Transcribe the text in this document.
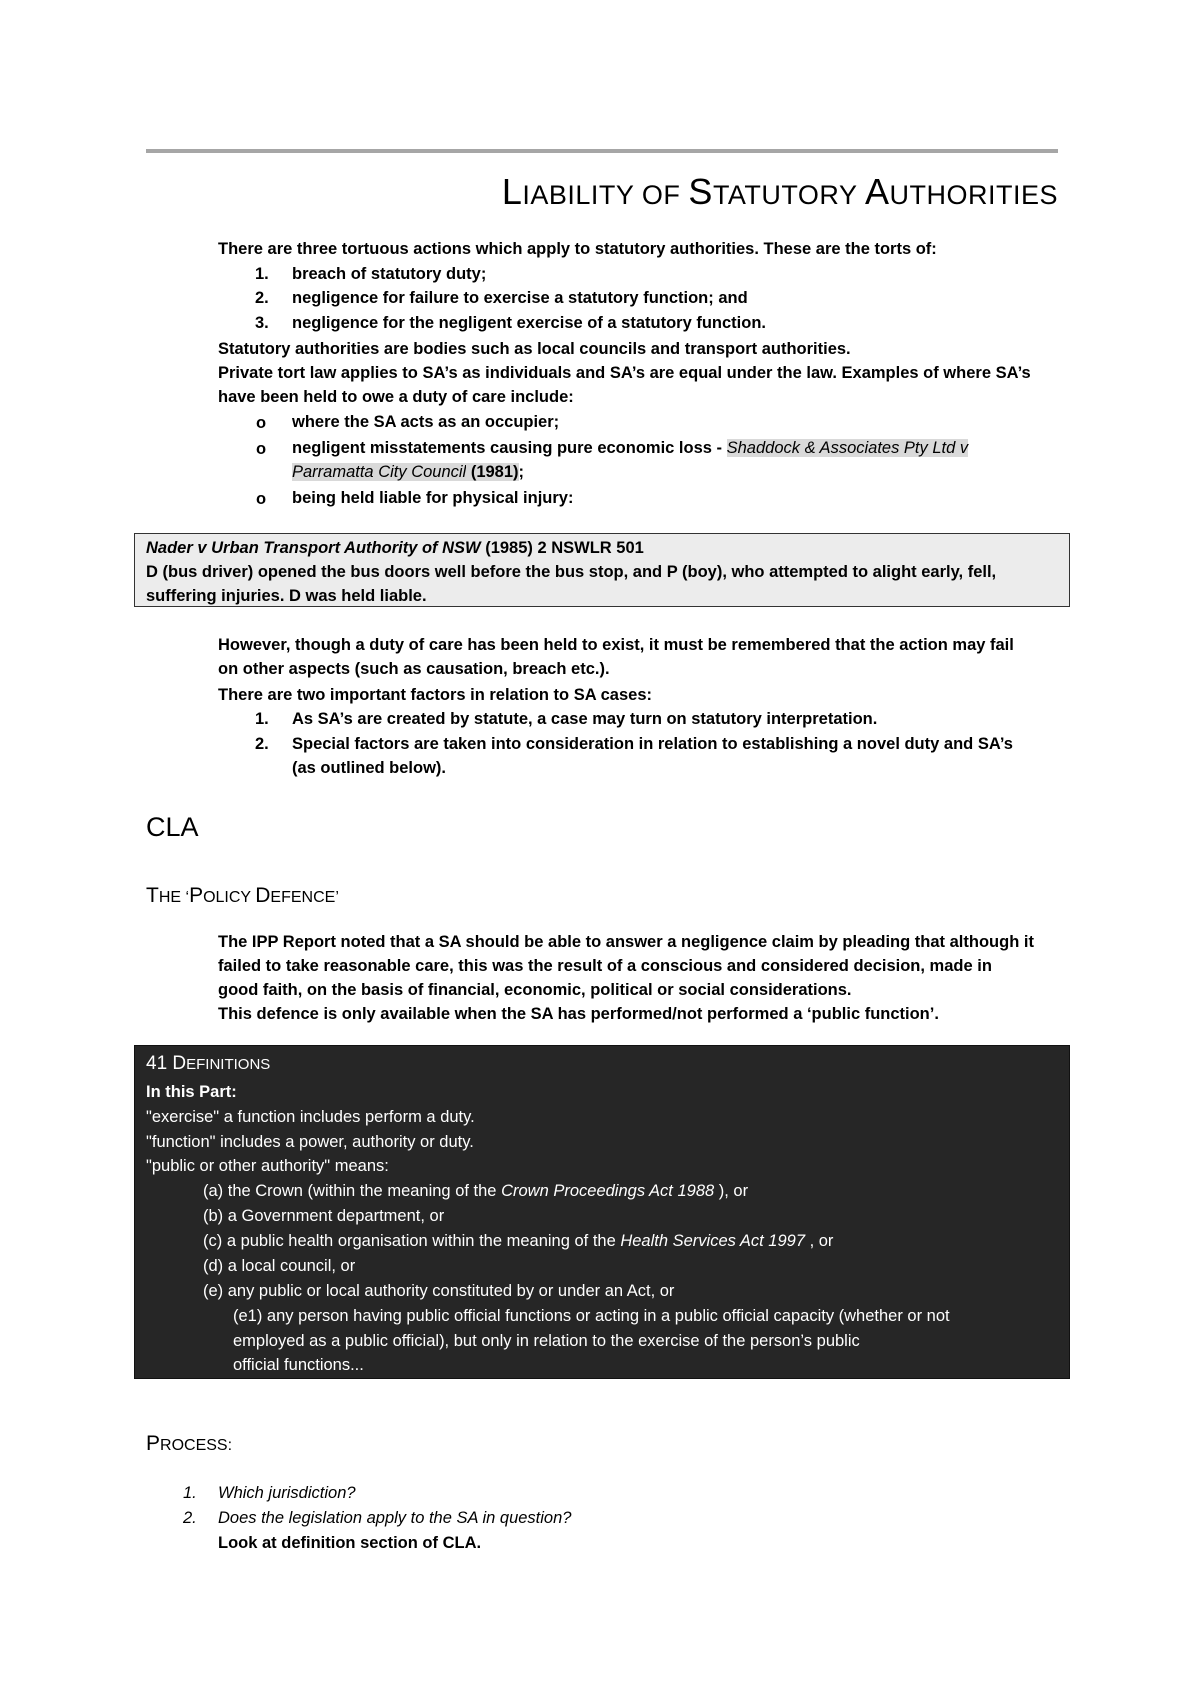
LIABILITY OF STATUTORY AUTHORITIES
There are three tortuous actions which apply to statutory authorities. These are the torts of:
1. breach of statutory duty;
2. negligence for failure to exercise a statutory function; and
3. negligence for the negligent exercise of a statutory function.
Statutory authorities are bodies such as local councils and transport authorities.
Private tort law applies to SA’s as individuals and SA’s are equal under the law. Examples of where SA’s
have been held to owe a duty of care include:
o where the SA acts as an occupier;
o negligent misstatements causing pure economic loss - Shaddock & Associates Pty Ltd v
Parramatta City Council (1981);
o being held liable for physical injury:
Nader v Urban Transport Authority of NSW (1985) 2 NSWLR 501
D (bus driver) opened the bus doors well before the bus stop, and P (boy), who attempted to alight early, fell,
suffering injuries. D was held liable.
However, though a duty of care has been held to exist, it must be remembered that the action may fail
on other aspects (such as causation, breach etc.).
There are two important factors in relation to SA cases:
1. As SA’s are created by statute, a case may turn on statutory interpretation.
2. Special factors are taken into consideration in relation to establishing a novel duty and SA’s
(as outlined below).
CLA
THE ‘POLICY DEFENCE’
The IPP Report noted that a SA should be able to answer a negligence claim by pleading that although it
failed to take reasonable care, this was the result of a conscious and considered decision, made in
good faith, on the basis of financial, economic, political or social considerations.
This defence is only available when the SA has performed/not performed a ‘public function’.
41 DEFINITIONS
In this Part:
"exercise" a function includes perform a duty.
"function" includes a power, authority or duty.
"public or other authority" means:
(a) the Crown (within the meaning of the Crown Proceedings Act 1988 ), or
(b) a Government department, or
(c) a public health organisation within the meaning of the Health Services Act 1997 , or
(d) a local council, or
(e) any public or local authority constituted by or under an Act, or
(e1) any person having public official functions or acting in a public official capacity (whether or not
employed as a public official), but only in relation to the exercise of the person’s public
official functions...
PROCESS:
1. Which jurisdiction?
2. Does the legislation apply to the SA in question?
Look at definition section of CLA.
